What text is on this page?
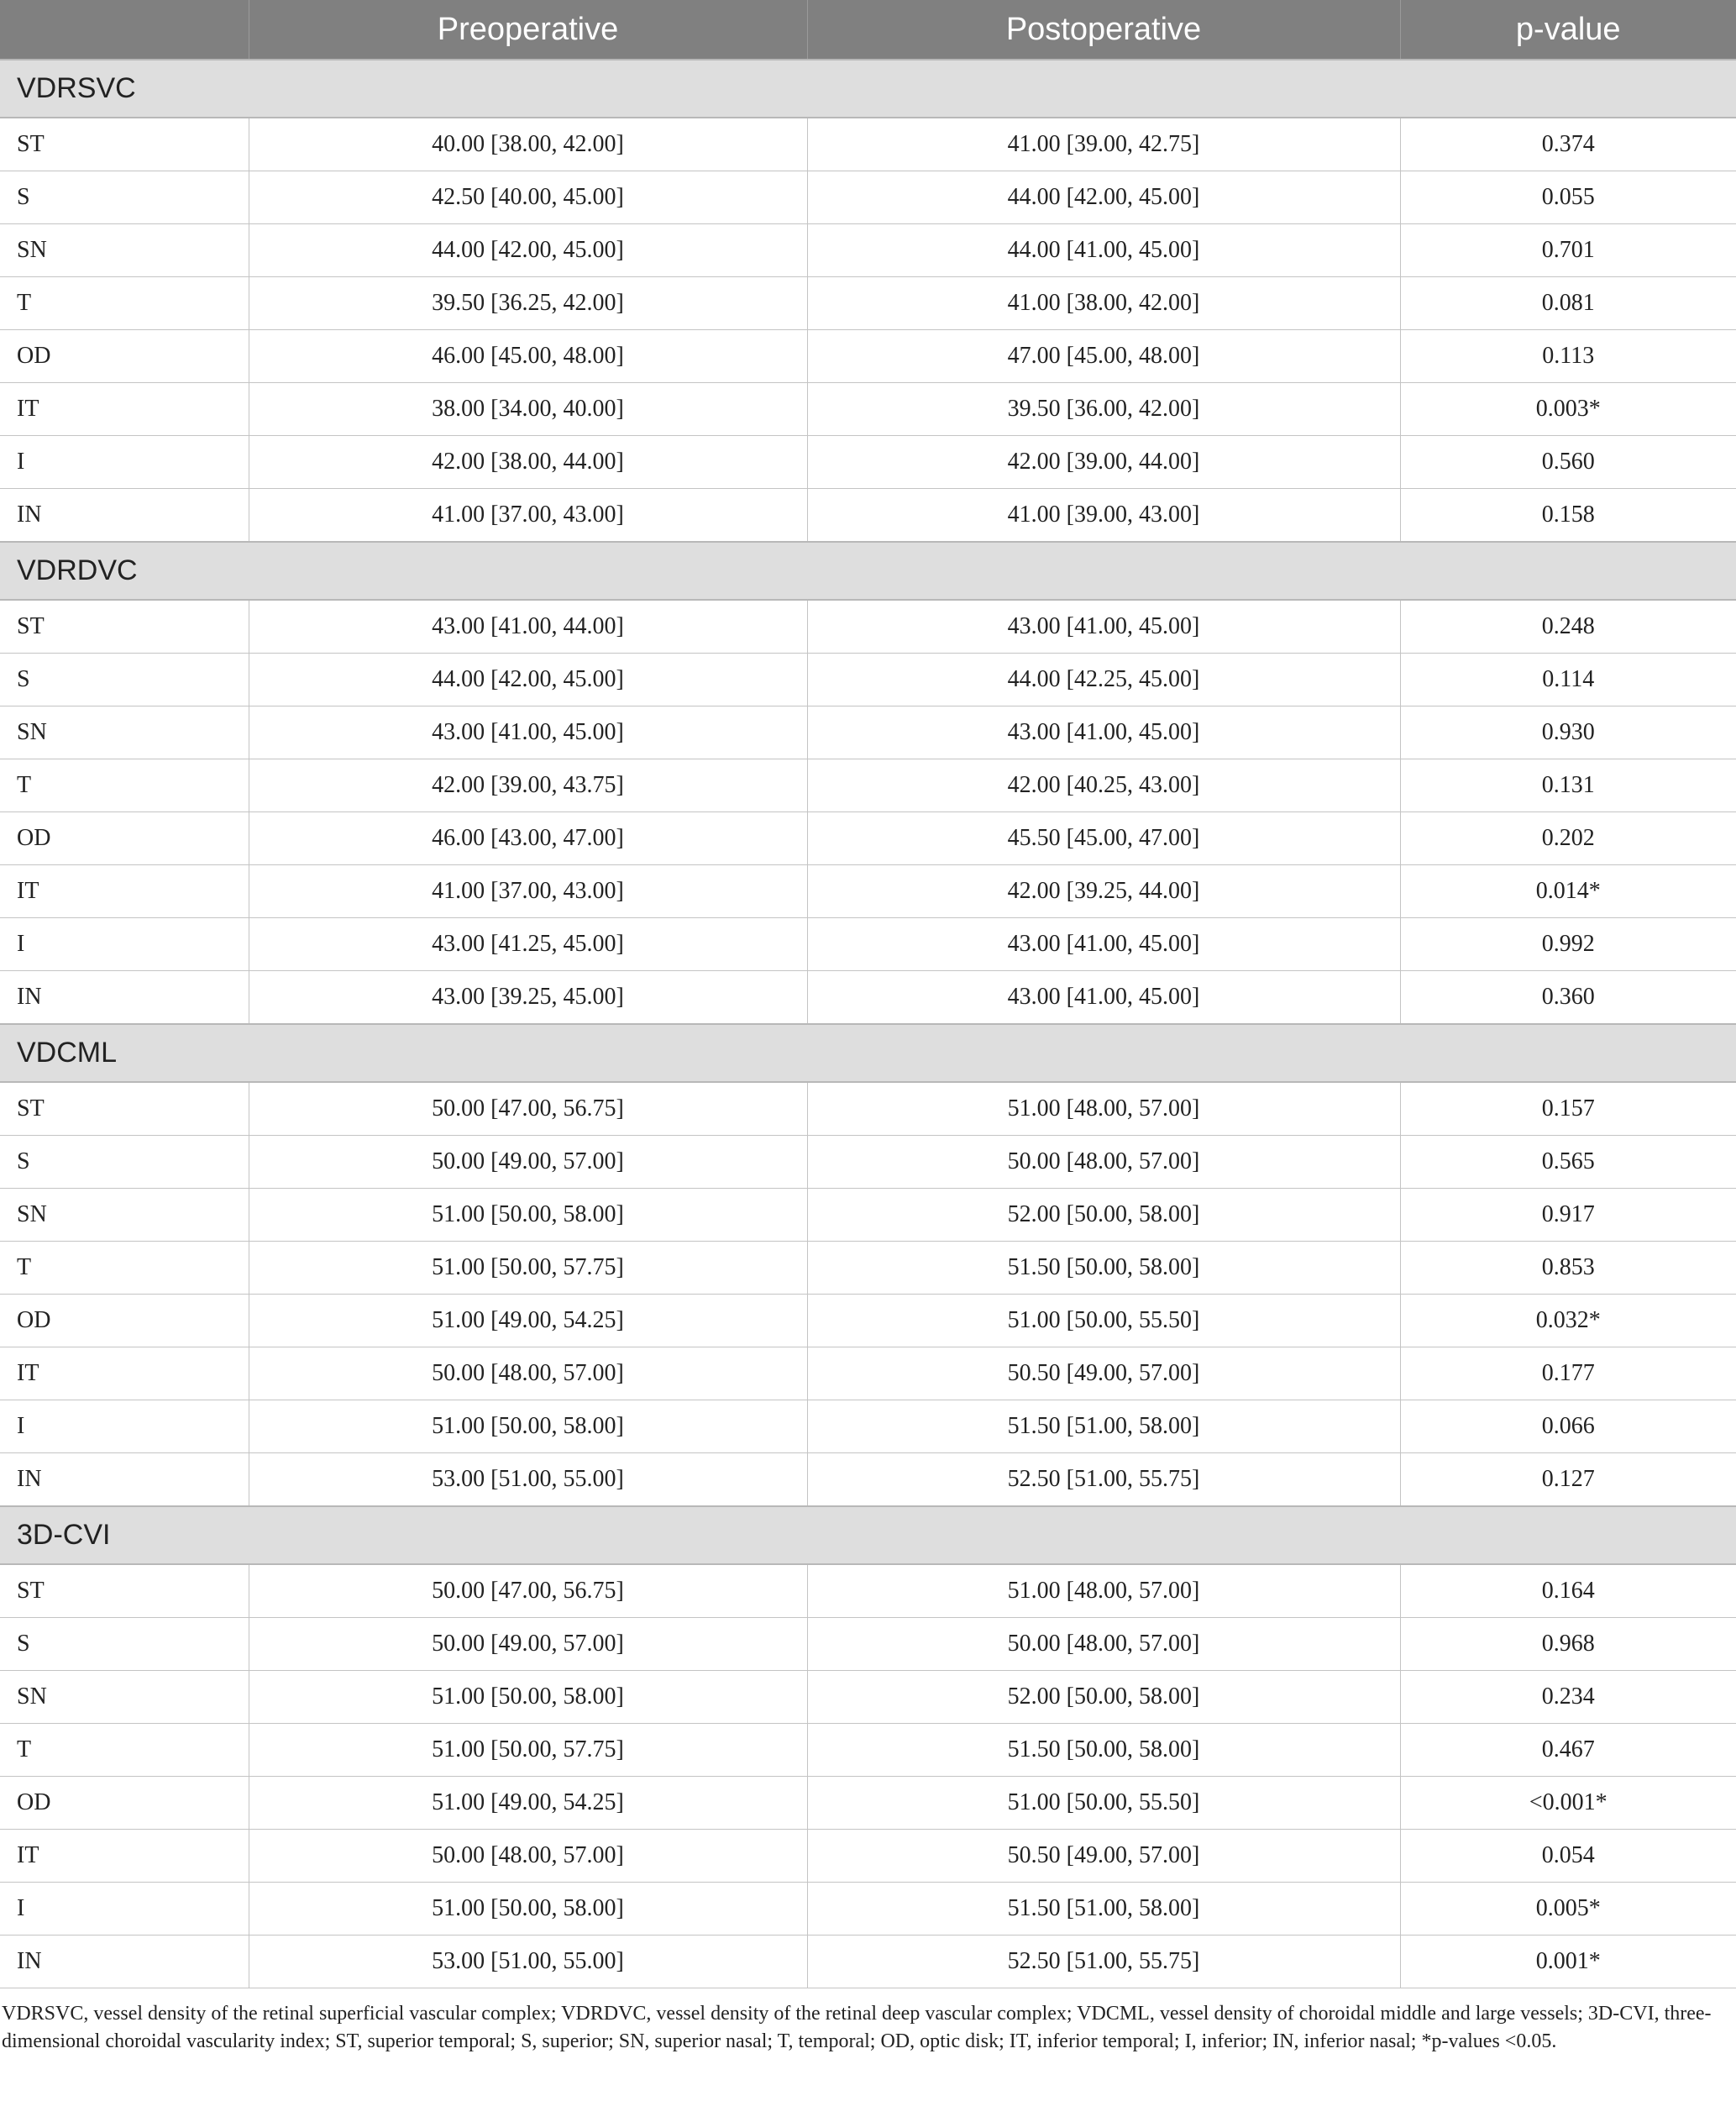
	Preoperative	Postoperative	p-value
VDRSVC			
ST	40.00 [38.00, 42.00]	41.00 [39.00, 42.75]	0.374
S	42.50 [40.00, 45.00]	44.00 [42.00, 45.00]	0.055
SN	44.00 [42.00, 45.00]	44.00 [41.00, 45.00]	0.701
T	39.50 [36.25, 42.00]	41.00 [38.00, 42.00]	0.081
OD	46.00 [45.00, 48.00]	47.00 [45.00, 48.00]	0.113
IT	38.00 [34.00, 40.00]	39.50 [36.00, 42.00]	0.003*
I	42.00 [38.00, 44.00]	42.00 [39.00, 44.00]	0.560
IN	41.00 [37.00, 43.00]	41.00 [39.00, 43.00]	0.158
VDRDVC			
ST	43.00 [41.00, 44.00]	43.00 [41.00, 45.00]	0.248
S	44.00 [42.00, 45.00]	44.00 [42.25, 45.00]	0.114
SN	43.00 [41.00, 45.00]	43.00 [41.00, 45.00]	0.930
T	42.00 [39.00, 43.75]	42.00 [40.25, 43.00]	0.131
OD	46.00 [43.00, 47.00]	45.50 [45.00, 47.00]	0.202
IT	41.00 [37.00, 43.00]	42.00 [39.25, 44.00]	0.014*
I	43.00 [41.25, 45.00]	43.00 [41.00, 45.00]	0.992
IN	43.00 [39.25, 45.00]	43.00 [41.00, 45.00]	0.360
VDCML			
ST	50.00 [47.00, 56.75]	51.00 [48.00, 57.00]	0.157
S	50.00 [49.00, 57.00]	50.00 [48.00, 57.00]	0.565
SN	51.00 [50.00, 58.00]	52.00 [50.00, 58.00]	0.917
T	51.00 [50.00, 57.75]	51.50 [50.00, 58.00]	0.853
OD	51.00 [49.00, 54.25]	51.00 [50.00, 55.50]	0.032*
IT	50.00 [48.00, 57.00]	50.50 [49.00, 57.00]	0.177
I	51.00 [50.00, 58.00]	51.50 [51.00, 58.00]	0.066
IN	53.00 [51.00, 55.00]	52.50 [51.00, 55.75]	0.127
3D-CVI			
ST	50.00 [47.00, 56.75]	51.00 [48.00, 57.00]	0.164
S	50.00 [49.00, 57.00]	50.00 [48.00, 57.00]	0.968
SN	51.00 [50.00, 58.00]	52.00 [50.00, 58.00]	0.234
T	51.00 [50.00, 57.75]	51.50 [50.00, 58.00]	0.467
OD	51.00 [49.00, 54.25]	51.00 [50.00, 55.50]	<0.001*
IT	50.00 [48.00, 57.00]	50.50 [49.00, 57.00]	0.054
I	51.00 [50.00, 58.00]	51.50 [51.00, 58.00]	0.005*
IN	53.00 [51.00, 55.00]	52.50 [51.00, 55.75]	0.001*
VDRSVC, vessel density of the retinal superficial vascular complex; VDRDVC, vessel density of the retinal deep vascular complex; VDCML, vessel density of choroidal middle and large vessels; 3D-CVI, three-dimensional choroidal vascularity index; ST, superior temporal; S, superior; SN, superior nasal; T, temporal; OD, optic disk; IT, inferior temporal; I, inferior; IN, inferior nasal; *p-values <0.05.
